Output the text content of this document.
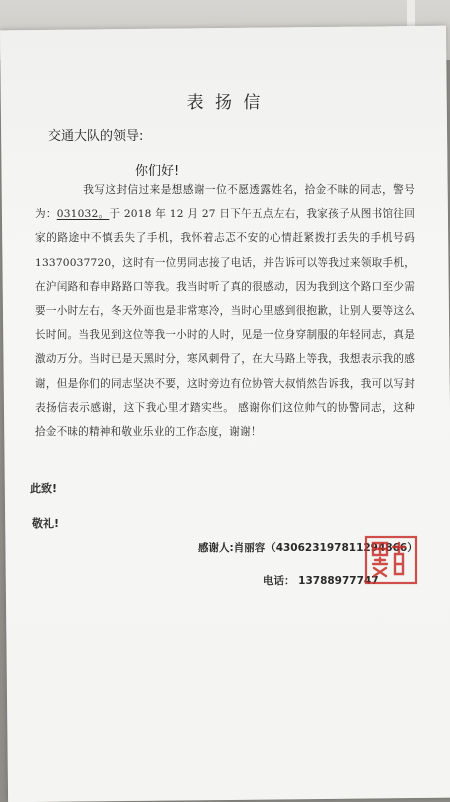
表 扬 信
交通大队的领导:
你们好!
我写这封信过来是想感谢一位不愿透露姓名，拾金不昧的同志，警号为：031032。于 2018 年 12 月 27 日下午五点左右，我家孩子从图书馆往回家的路途中不慎丢失了手机，我怀着忐忑不安的心情赶紧拨打丢失的手机号码 13370037720，这时有一位男同志接了电话，并告诉可以等我过来领取手机，在沪闰路和春申路路口等我。我当时听了真的很感动，因为我到这个路口至少需要一小时左右，冬天外面也是非常寒冷，当时心里感到很抱歉，让别人要等这么长时间。当我见到这位等我一小时的人时，见是一位身穿制服的年轻同志，真是激动万分。当时已是天黑时分，寒风刺骨了，在大马路上等我，我想表示我的感谢，但是你们的同志坚决不要，这时旁边有位协管大叔悄然告诉我，我可以写封表扬信表示感谢，这下我心里才踏实些。 感谢你们这位帅气的协警同志，这种拾金不昧的精神和敬业乐业的工作态度，谢谢！
此致!
敬礼!
感谢人:肖丽容（430623197811294866）
电话： 13788977747
